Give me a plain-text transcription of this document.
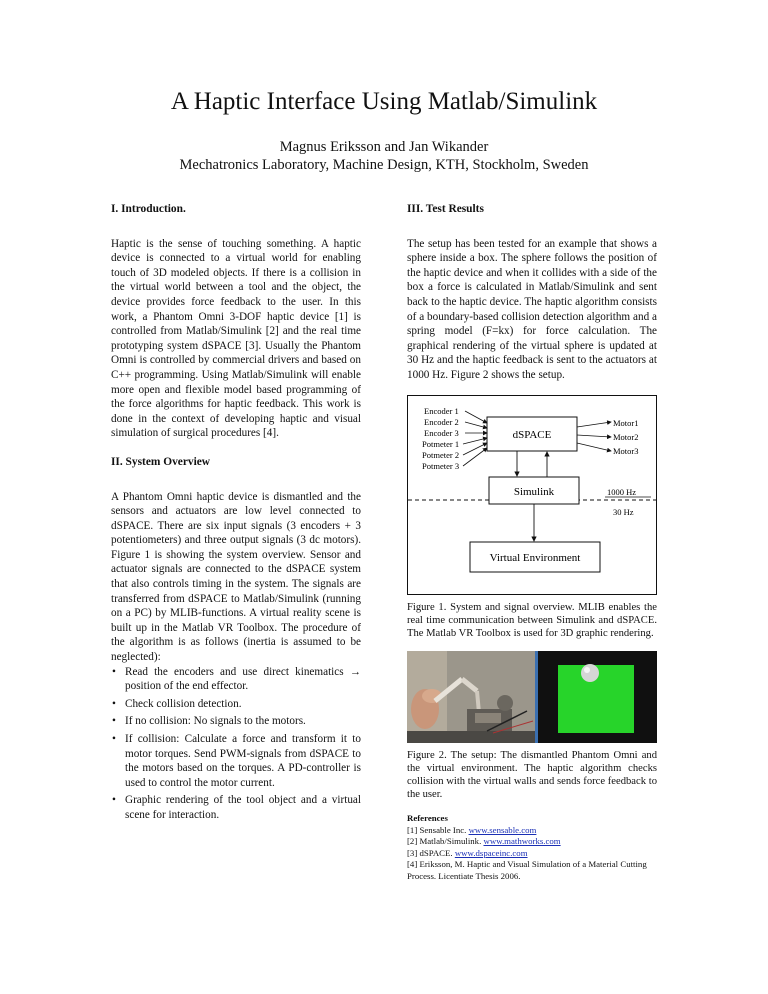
A Haptic Interface Using Matlab/Simulink
Magnus Eriksson and Jan Wikander
Mechatronics Laboratory, Machine Design, KTH, Stockholm, Sweden
I. Introduction.

Haptic is the sense of touching something. A haptic device is connected to a virtual world for enabling touch of 3D modeled objects. If there is a collision in the virtual world between a tool and the object, the device provides force feedback to the user. In this work, a Phantom Omni 3-DOF haptic device [1] is controlled from Matlab/Simulink [2] and the real time prototyping system dSPACE [3]. Usually the Phantom Omni is controlled by commercial drivers and based on C++ programming. Using Matlab/Simulink will enable more open and flexible model based programming of the force algorithms for haptic feedback. This work is done in the context of developing haptic and visual simulation of surgical procedures [4].

II. System Overview

A Phantom Omni haptic device is dismantled and the sensors and actuators are low level connected to dSPACE. There are six input signals (3 encoders + 3 potentiometers) and three output signals (3 dc motors). Figure 1 is showing the system overview. Sensor and actuator signals are connected to the dSPACE system that also controls timing in the system. The signals are transferred from dSPACE to Matlab/Simulink (running on a PC) by MLIB-functions. A virtual reality scene is built up in the Matlab VR Toolbox. The procedure of the algorithm is as follows (inertia is assumed to be neglected):

• Read the encoders and use direct kinematics → position of the end effector.
• Check collision detection.
• If no collision: No signals to the motors.
• If collision: Calculate a force and transform it to motor torques. Send PWM-signals from dSPACE to the motors based on the torques. A PD-controller is used to control the motor current.
• Graphic rendering of the tool object and a virtual scene for interaction.
III. Test Results

The setup has been tested for an example that shows a sphere inside a box. The sphere follows the position of the haptic device and when it collides with a side of the box a force is calculated in Matlab/Simulink and sent back to the haptic device. The haptic algorithm consists of a boundary-based collision detection algorithm and a spring model (F=kx) for force calculation. The graphical rendering of the virtual sphere is updated at 30 Hz and the haptic feedback is sent to the actuators at 1000 Hz. Figure 2 shows the setup.

dSPACE
Simulink
Virtual Environment
Encoder 1
Encoder 2
Encoder 3
Potmeter 1
Potmeter 2
Potmeter 3
Motor1
Motor2
Motor3
1000 Hz
30 Hz

Figure 1. System and signal overview. MLIB enables the real time communication between Simulink and dSPACE. The Matlab VR Toolbox is used for 3D graphic rendering.

Figure 2. The setup: The dismantled Phantom Omni and the virtual environment. The haptic algorithm checks collision with the virtual walls and sends force feedback to the user.

References
[1] Sensable Inc. www.sensable.com
[2] Matlab/Simulink. www.mathworks.com
[3] dSPACE. www.dspaceinc.com
[4] Eriksson, M. Haptic and Visual Simulation of a Material Cutting Process. Licentiate Thesis 2006.
